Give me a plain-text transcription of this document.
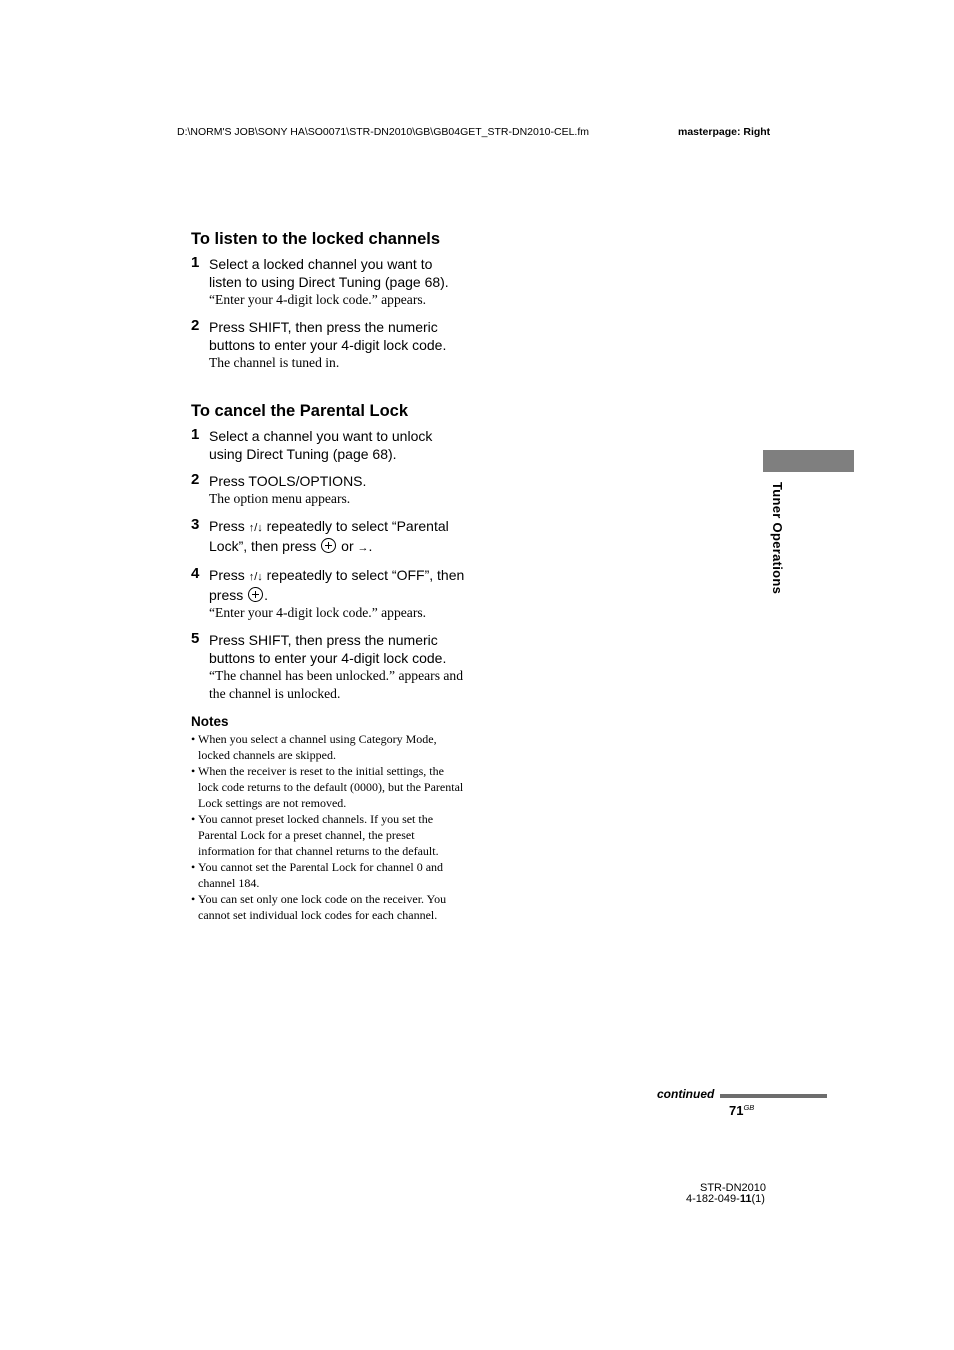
D:\NORM'S JOB\SONY HA\SO0071\STR-DN2010\GB\GB04GET_STR-DN2010-CEL.fm	masterpage: Right
To listen to the locked channels
1 Select a locked channel you want to listen to using Direct Tuning (page 68).
“Enter your 4-digit lock code.” appears.
2 Press SHIFT, then press the numeric buttons to enter your 4-digit lock code.
The channel is tuned in.
To cancel the Parental Lock
1 Select a channel you want to unlock using Direct Tuning (page 68).
2 Press TOOLS/OPTIONS.
The option menu appears.
3 Press ↑/↓ repeatedly to select “Parental Lock”, then press  or →.
4 Press ↑/↓ repeatedly to select “OFF”, then press .
“Enter your 4-digit lock code.” appears.
5 Press SHIFT, then press the numeric buttons to enter your 4-digit lock code.
“The channel has been unlocked.” appears and the channel is unlocked.
Notes
• When you select a channel using Category Mode, locked channels are skipped.
• When the receiver is reset to the initial settings, the lock code returns to the default (0000), but the Parental Lock settings are not removed.
• You cannot preset locked channels. If you set the Parental Lock for a preset channel, the preset information for that channel returns to the default.
• You cannot set the Parental Lock for channel 0 and channel 184.
• You can set only one lock code on the receiver. You cannot set individual lock codes for each channel.
Tuner Operations
continued
$71^{GB}$
STR-DN2010
4-182-049-11(1)
